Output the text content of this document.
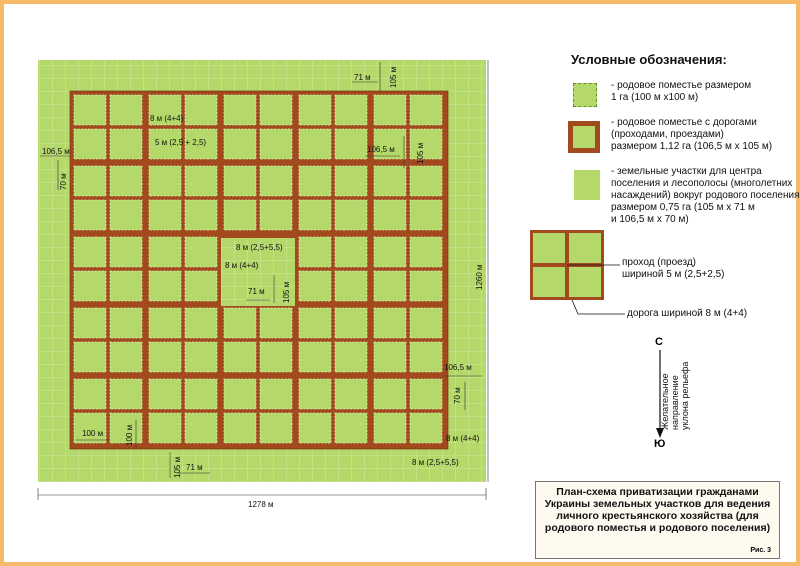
71 м 105 м
106,5 м
70 м
106,5 м	105 м
8 м (4+4)
5 м (2,5 + 2,5)
8 м (2,5+5,5)
8 м (4+4)
71 м 105 м
106,5 м
70 м
100 м	100 м
105 м 71 м
8 м (4+4)
8 м (2,5+5,5)
1260 м
1278 м
С
Ю
Условные обозначения:
- родовое поместье размером
1 га (100 м х100 м)
- родовое поместье с дорогами
(проходами, проездами)
размером 1,12 га (106,5 м х 105 м)
- земельные участки для центра
поселения и лесополосы (многолетних
насаждений) вокруг родового поселения
размером 0,75 га (105 м х 71 м
и 106,5 м х 70 м)
проход (проезд)
шириной 5 м (2,5+2,5)
дорога шириной 8 м (4+4)
Желательное
направление
уклона рельефа
План-схема приватизации гражданами
Украины земельных участков для ведения
личного крестьянского хозяйства (для
родового поместья и родового поселения)
Рис. 3
